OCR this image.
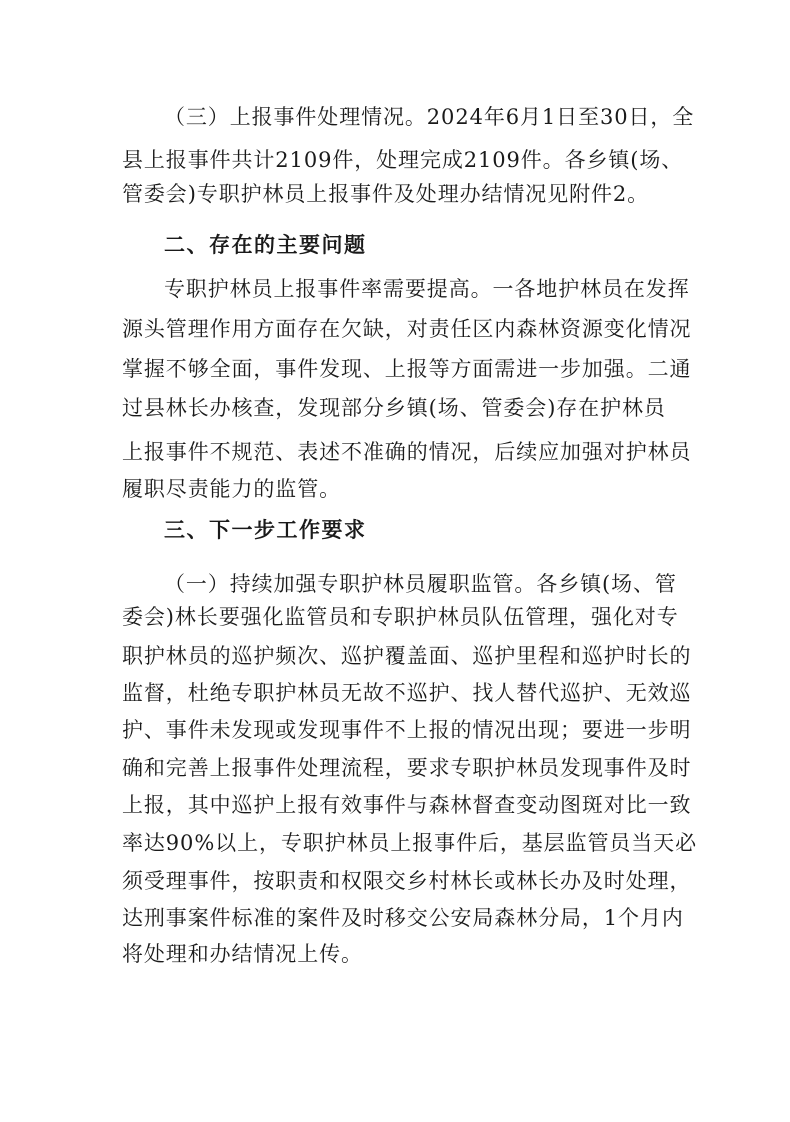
（三）上报事件处理情况。2024年6月1日至30日，全
县上报事件共计2109件，处理完成2109件。各乡镇(场、
管委会)专职护林员上报事件及处理办结情况见附件2。
二、存在的主要问题
专职护林员上报事件率需要提高。一各地护林员在发挥
源头管理作用方面存在欠缺，对责任区内森林资源变化情况
掌握不够全面，事件发现、上报等方面需进一步加强。二通
过县林长办核查，发现部分乡镇(场、管委会)存在护林员
上报事件不规范、表述不准确的情况，后续应加强对护林员
履职尽责能力的监管。
三、下一步工作要求
（一）持续加强专职护林员履职监管。各乡镇(场、管
委会)林长要强化监管员和专职护林员队伍管理，强化对专
职护林员的巡护频次、巡护覆盖面、巡护里程和巡护时长的
监督，杜绝专职护林员无故不巡护、找人替代巡护、无效巡
护、事件未发现或发现事件不上报的情况出现；要进一步明
确和完善上报事件处理流程，要求专职护林员发现事件及时
上报，其中巡护上报有效事件与森林督查变动图斑对比一致
率达90%以上，专职护林员上报事件后，基层监管员当天必
须受理事件，按职责和权限交乡村林长或林长办及时处理，
达刑事案件标准的案件及时移交公安局森林分局，1个月内
将处理和办结情况上传。
